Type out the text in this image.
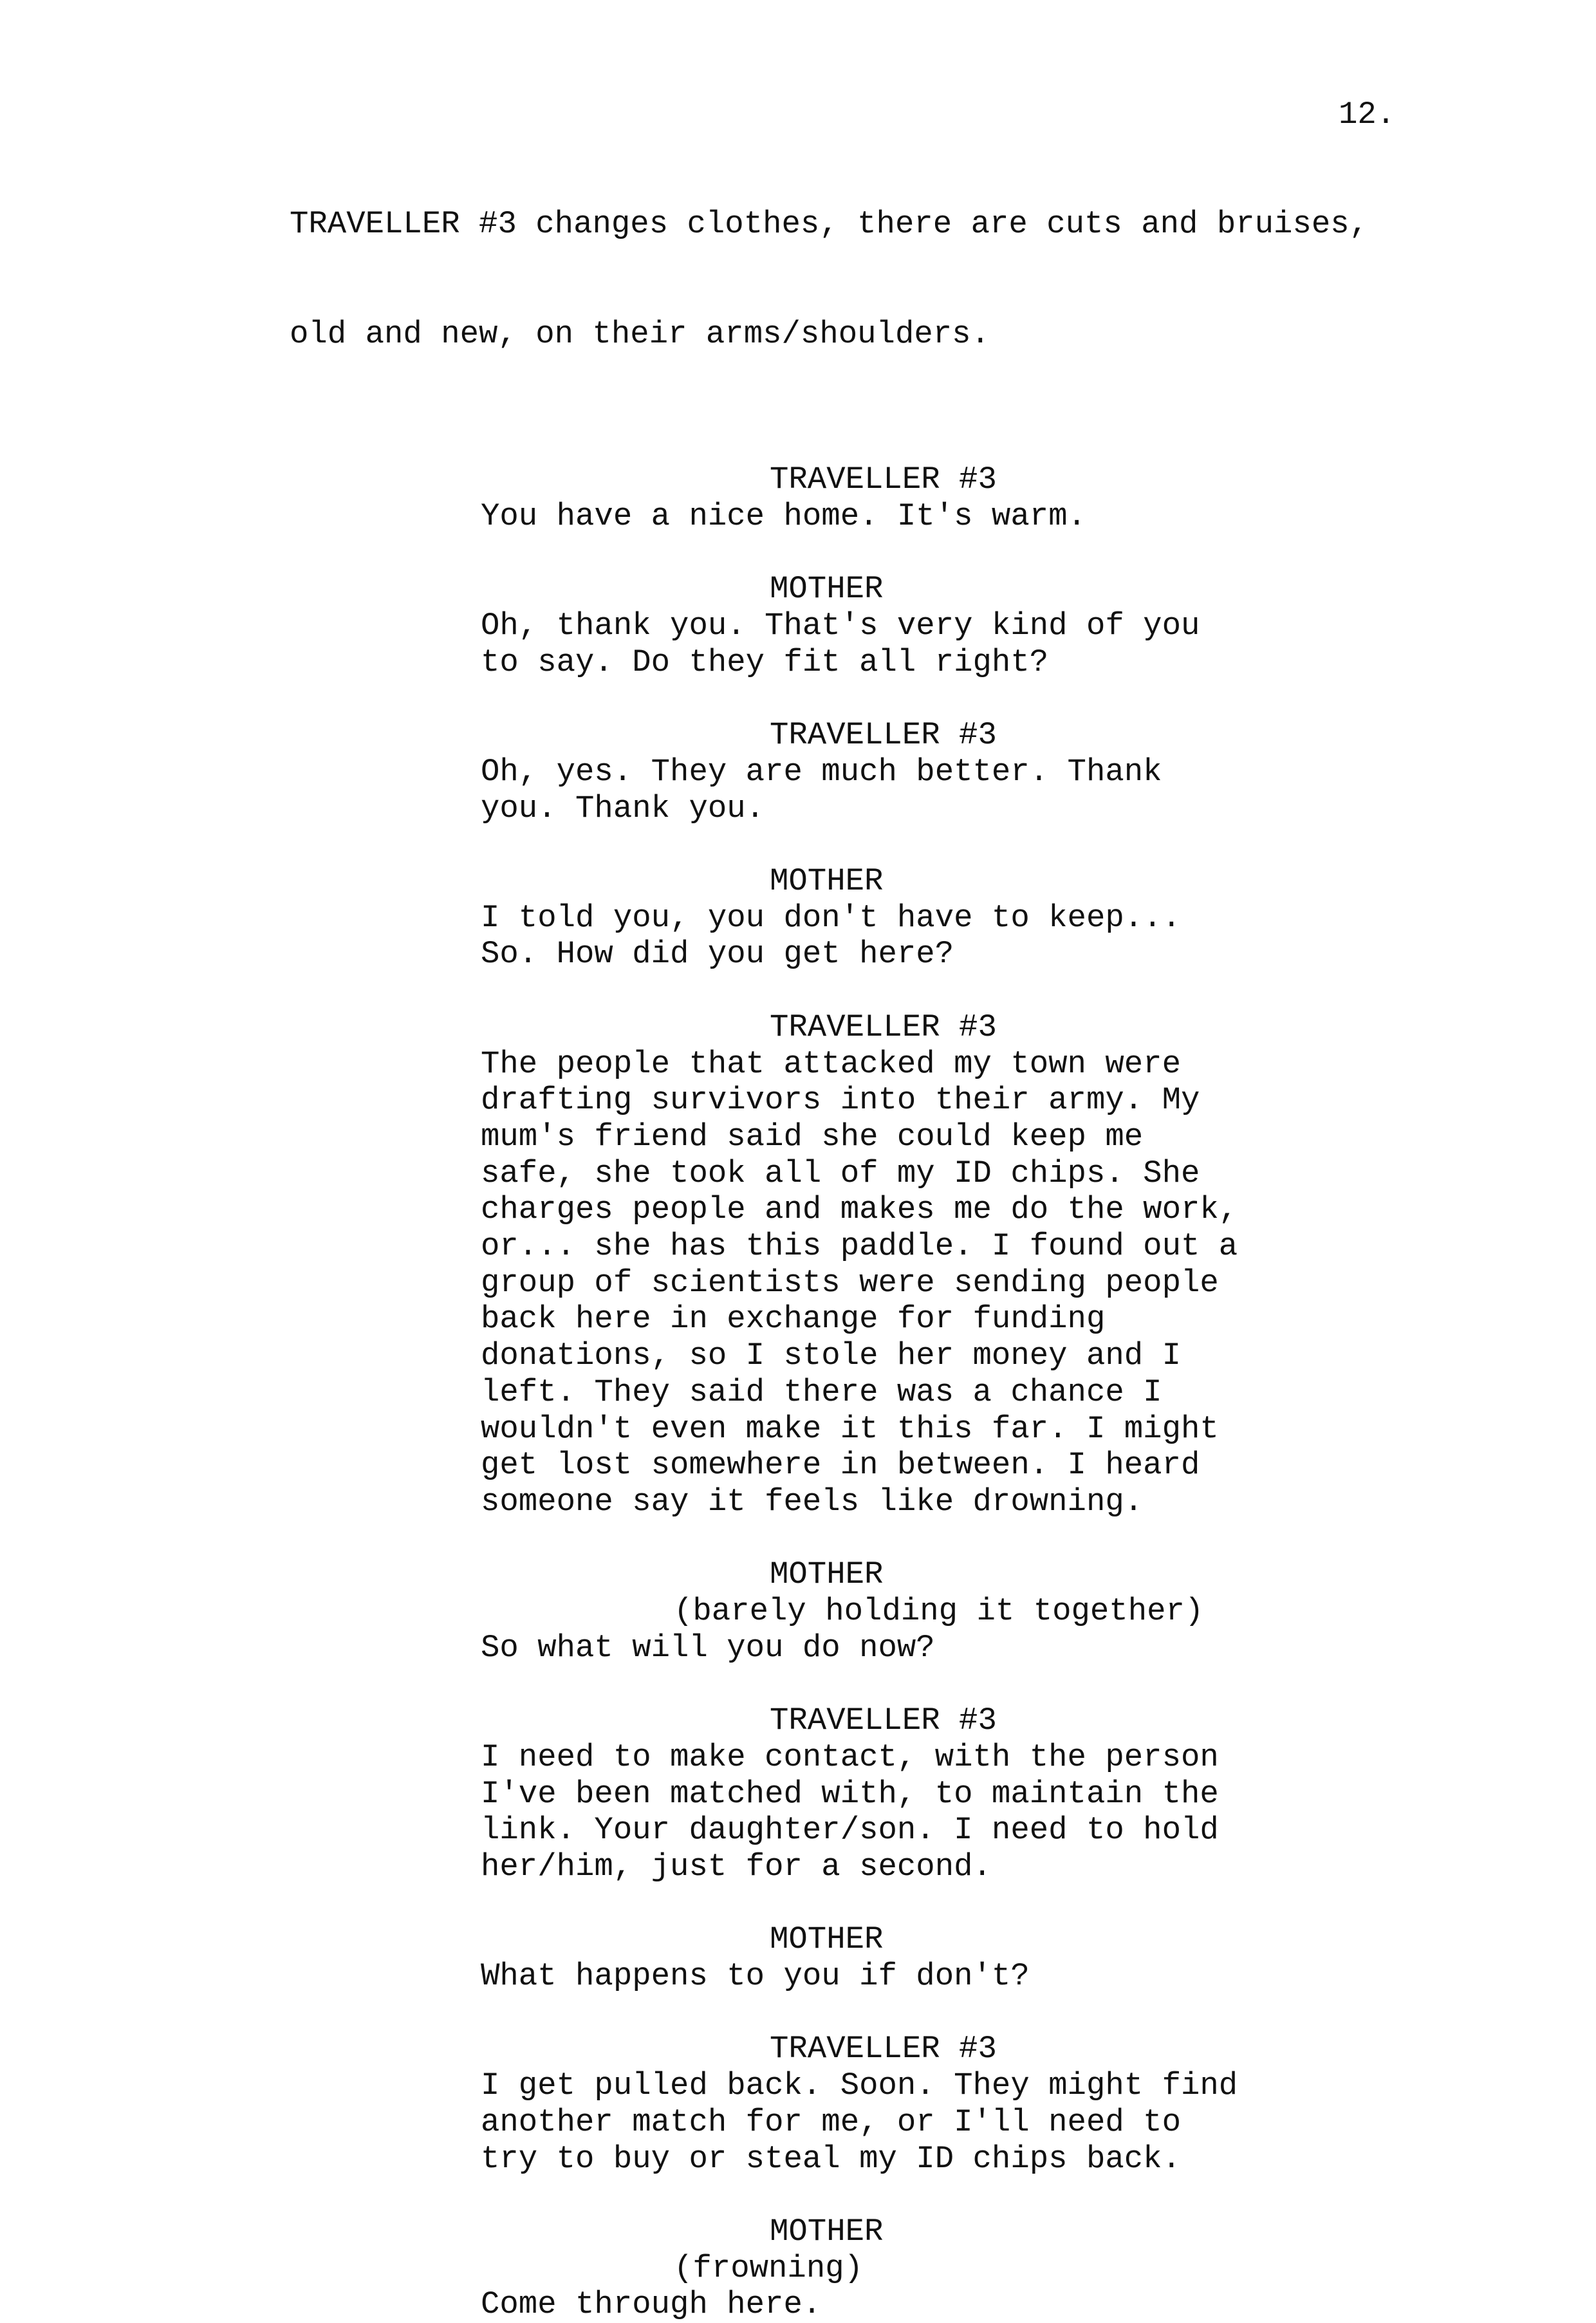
12.

TRAVELLER #3 changes clothes, there are cuts and bruises,

old and new, on their arms/shoulders.

TRAVELLER #3
You have a nice home. It's warm.
MOTHER
Oh, thank you. That's very kind of you
to say. Do they fit all right?
TRAVELLER #3
Oh, yes. They are much better. Thank
you. Thank you.
MOTHER
I told you, you don't have to keep...
So. How did you get here?
TRAVELLER #3
The people that attacked my town were
drafting survivors into their army. My
mum's friend said she could keep me
safe, she took all of my ID chips. She
charges people and makes me do the work,
or... she has this paddle. I found out a
group of scientists were sending people
back here in exchange for funding
donations, so I stole her money and I
left. They said there was a chance I
wouldn't even make it this far. I might
get lost somewhere in between. I heard
someone say it feels like drowning.
MOTHER
(barely holding it together)
So what will you do now?
TRAVELLER #3
I need to make contact, with the person
I've been matched with, to maintain the
link. Your daughter/son. I need to hold
her/him, just for a second.
MOTHER
What happens to you if don't?
TRAVELLER #3
I get pulled back. Soon. They might find
another match for me, or I'll need to
try to buy or steal my ID chips back.
MOTHER
(frowning)
Come through here.
